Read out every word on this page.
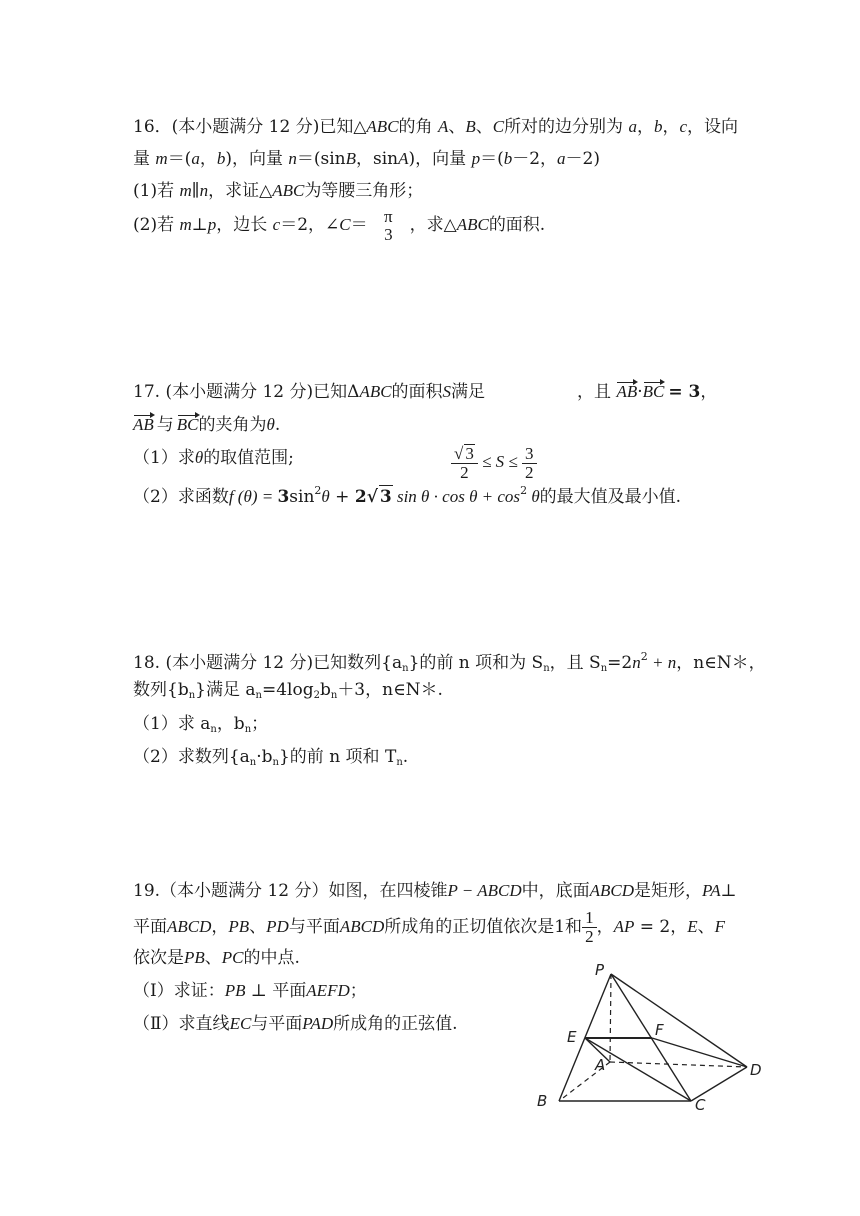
16．(本小题满分 12 分)已知△ABC的角 A、B、C所对的边分别为 a，b，c，设向
量 m＝(a，b)，向量 n＝(sinB，sinA)，向量 p＝(b－2，a－2)
(1)若 m∥n，求证△ABC为等腰三角形；
(2)若 m⊥p，边长 c＝2，∠C＝ π
3 ，求△ABC的面积.
17. (本小题满分 12 分)已知ΔABC的面积S满足	，且 AB·BC = 3，
AB 与 BC的夹角为θ.
（1）求θ的取值范围;	$\frac{√ 3}{2} \le S \le \frac{3}{2}$
（2）求函数f $(\theta) = 3\sin^2\theta + 2√$ 3 $\sin \theta \cdot \cos \theta + \cos^2 \theta$的最大值及最小值.
18. (本小题满分 12 分)已知数列$\{a_n\}$的前 n 项和为 $S_n$，且 $S_n=2n^2 + n$，n∈N＊，
数列$\{b_n\}$满足 $a_n=4\log_2b_n+3$，n∈N＊.
（1）求 $a_n$，$b_n$；
（2）求数列$\{a_n\cdot b_n\}$的前 n 项和 $T_n$.
19.（本小题满分 12 分）如图，在四棱锥P − ABCD中，底面ABCD是矩形，PA⊥
平面ABCD，PB、PD与平面ABCD所成角的正切值依次是1和 $\frac{1}{2}$ ，AP = 2，E、F
依次是PB、PC的中点.
（Ⅰ）求证：PB ⊥ 平面AEFD；
（Ⅱ）求直线EC与平面PAD所成角的正弦值.
P
E	F
A	D
B	C
